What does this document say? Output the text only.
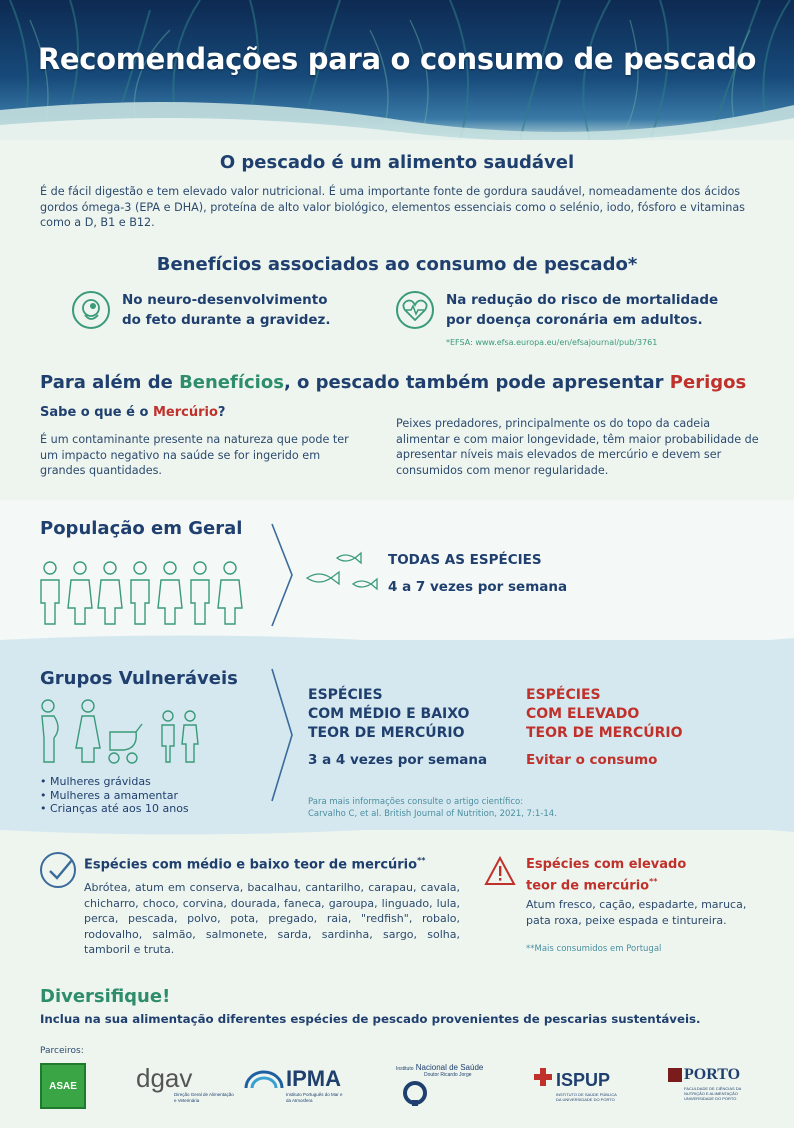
Recomendações para o consumo de pescado
O pescado é um alimento saudável
É de fácil digestão e tem elevado valor nutricional. É uma importante fonte de gordura saudável, nomeadamente dos ácidos gordos ómega-3 (EPA e DHA), proteína de alto valor biológico, elementos essenciais como o selénio, iodo, fósforo e vitaminas como a D, B1 e B12.
Benefícios associados ao consumo de pescado*
No neuro-desenvolvimento
do feto durante a gravidez.
Na redução do risco de mortalidade
por doença coronária em adultos.
*EFSA: www.efsa.europa.eu/en/efsajournal/pub/3761
Para além de Benefícios, o pescado também pode apresentar Perigos
Sabe o que é o Mercúrio?
É um contaminante presente na natureza que pode ter um impacto negativo na saúde se for ingerido em grandes quantidades.
Peixes predadores, principalmente os do topo da cadeia alimentar e com maior longevidade, têm maior probabilidade de apresentar níveis mais elevados de mercúrio e devem ser consumidos com menor regularidade.
População em Geral
TODAS AS ESPÉCIES
4 a 7 vezes por semana
Grupos Vulneráveis
• Mulheres grávidas
• Mulheres a amamentar
• Crianças até aos 10 anos
ESPÉCIES
COM MÉDIO E BAIXO
TEOR DE MERCÚRIO
3 a 4 vezes por semana
ESPÉCIES
COM ELEVADO
TEOR DE MERCÚRIO
Evitar o consumo
Para mais informações consulte o artigo científico:
Carvalho C, et al. British Journal of Nutrition, 2021, 7:1-14.
Espécies com médio e baixo teor de mercúrio**
Abrótea, atum em conserva, bacalhau, cantarilho, carapau, cavala, chicharro, choco, corvina, dourada, faneca, garoupa, linguado, lula, perca, pescada, polvo, pota, pregado, raia, "redfish", robalo, rodovalho, salmão, salmonete, sarda, sardinha, sargo, solha, tamboril e truta.
Espécies com elevado
teor de mercúrio**
Atum fresco, cação, espadarte, maruca, pata roxa, peixe espada e tintureira.
**Mais consumidos em Portugal
Diversifique!
Inclua na sua alimentação diferentes espécies de pescado provenientes de pescarias sustentáveis.
Parceiros:
ASAE dgav
Direção Geral de Alimentação e Veterinária
IPMA
Instituto Português do Mar e da Atmosfera
Instituto Nacional de Saúde
Doutor Ricardo Jorge	ISPUP
INSTITUTO DE SAÚDE PÚBLICA DA UNIVERSIDADE DO PORTO
PORTO
FACULDADE DE CIÊNCIAS DA NUTRIÇÃO E ALIMENTAÇÃO UNIVERSIDADE DO PORTO
